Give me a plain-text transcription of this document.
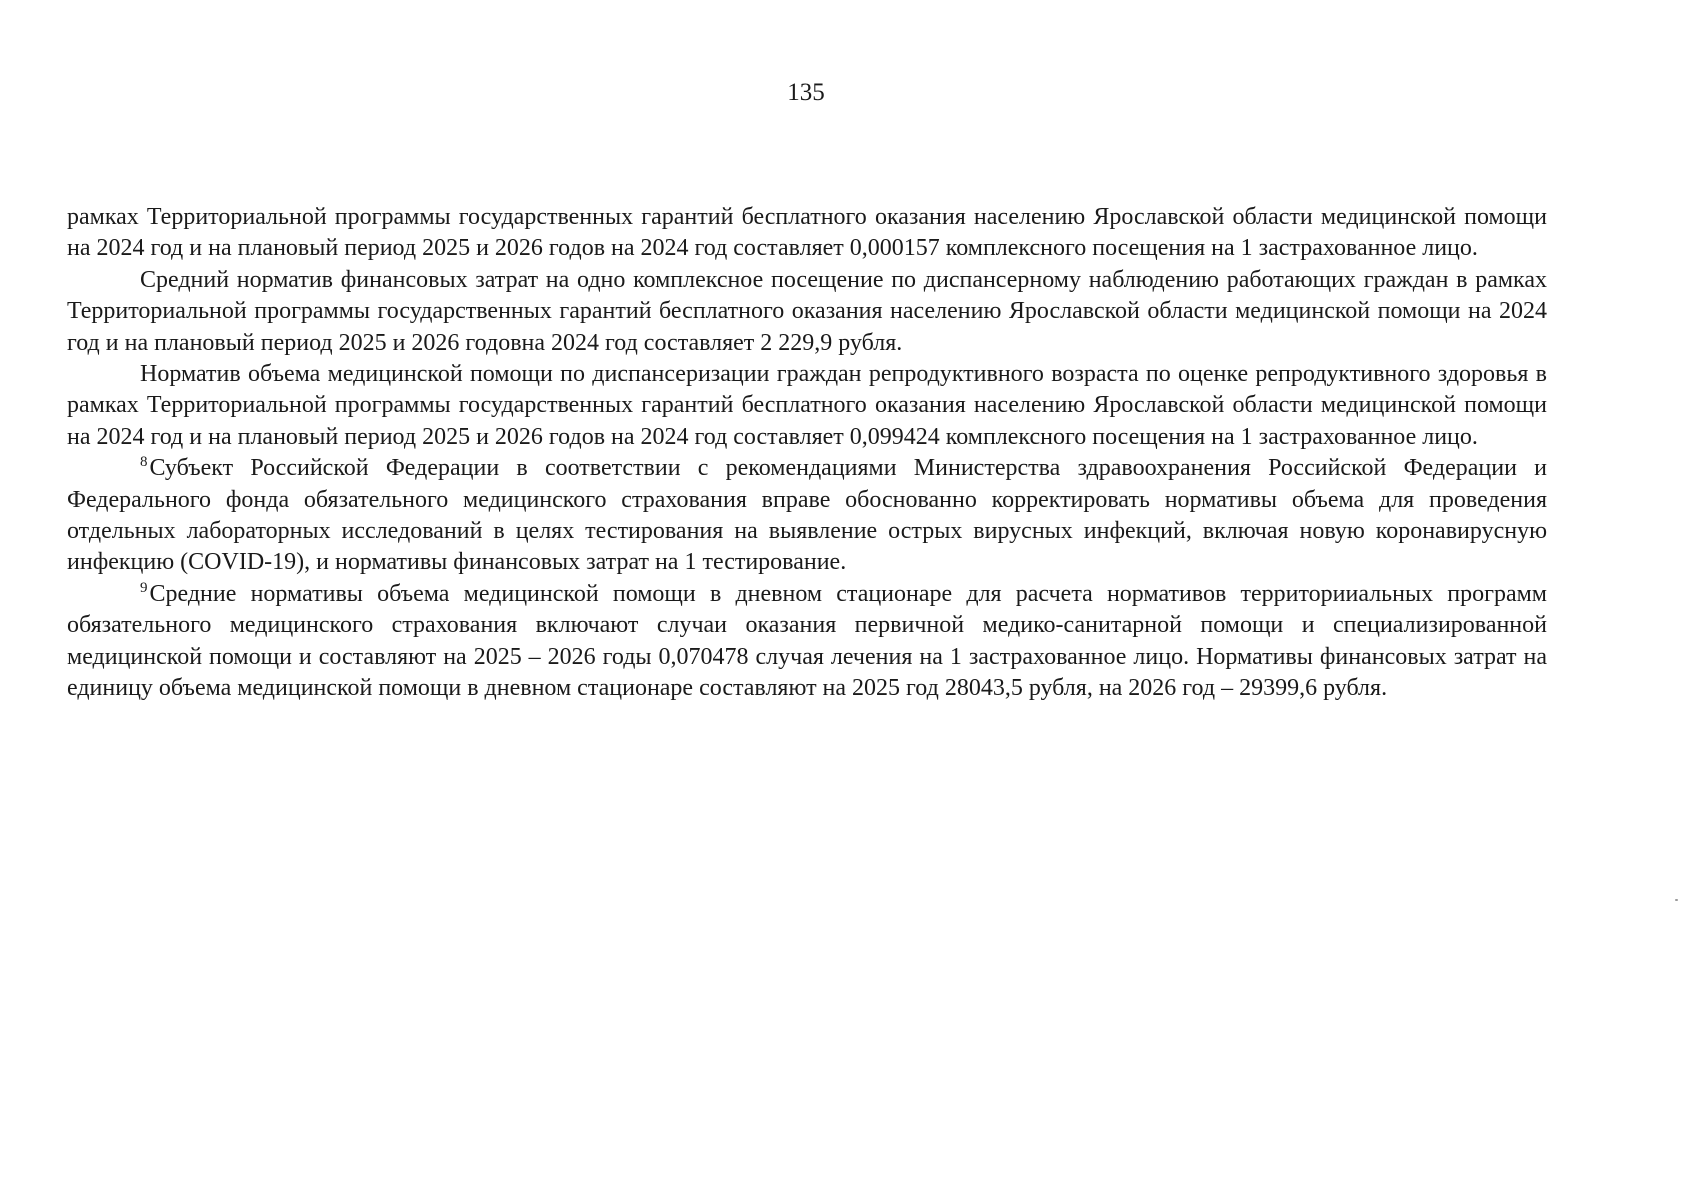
135

рамках Территориальной программы государственных гарантий бесплатного оказания населению Ярославской области медицинской помощи на 2024 год и на плановый период 2025 и 2026 годов на 2024 год составляет 0,000157 комплексного посещения на 1 застрахованное лицо.

Средний норматив финансовых затрат на одно комплексное посещение по диспансерному наблюдению работающих граждан в рамках Территориальной программы государственных гарантий бесплатного оказания населению Ярославской области медицинской помощи на 2024 год и на плановый период 2025 и 2026 годовна 2024 год составляет 2 229,9 рубля.

Норматив объема медицинской помощи по диспансеризации граждан репродуктивного возраста по оценке репродуктивного здоровья в рамках Территориальной программы государственных гарантий бесплатного оказания населению Ярославской области медицинской помощи на 2024 год и на плановый период 2025 и 2026 годов на 2024 год составляет 0,099424 комплексного посещения на 1 застрахованное лицо.

$^8$Субъект Российской Федерации в соответствии с рекомендациями Министерства здравоохранения Российской Федерации и Федерального фонда обязательного медицинского страхования вправе обоснованно корректировать нормативы объема для проведения отдельных лабораторных исследований в целях тестирования на выявление острых вирусных инфекций, включая новую коронавирусную инфекцию (COVID-19), и нормативы финансовых затрат на 1 тестирование.

$^9$Средние нормативы объема медицинской помощи в дневном стационаре для расчета нормативов территорииальных программ обязательного медицинского страхования включают случаи оказания первичной медико-санитарной помощи и специализированной медицинской помощи и составляют на 2025 – 2026 годы 0,070478 случая лечения на 1 застрахованное лицо. Нормативы финансовых затрат на единицу объема медицинской помощи в дневном стационаре составляют на 2025 год 28043,5 рубля, на 2026 год – 29399,6 рубля.
